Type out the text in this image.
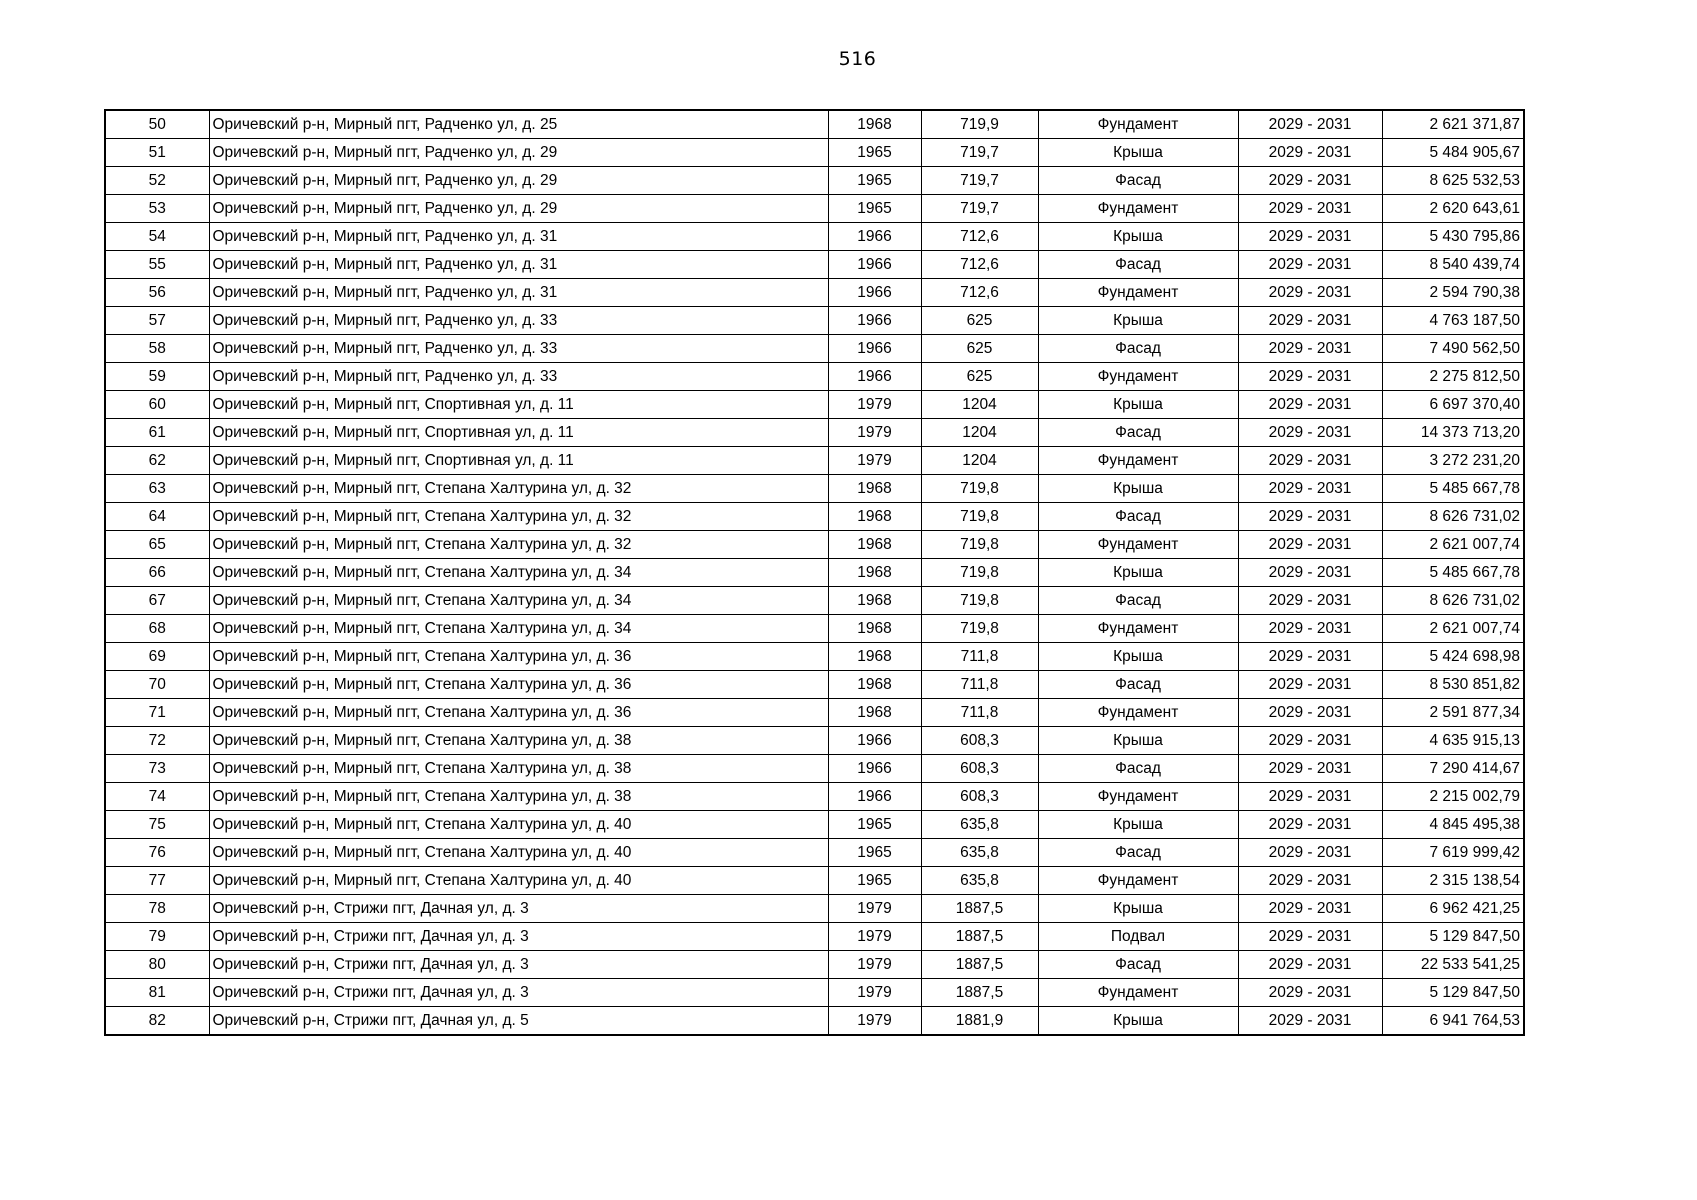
516
50	Оричевский р-н, Мирный пгт, Радченко ул, д. 25	1968	719,9	Фундамент	2029 - 2031	2 621 371,87
51	Оричевский р-н, Мирный пгт, Радченко ул, д. 29	1965	719,7	Крыша	2029 - 2031	5 484 905,67
52	Оричевский р-н, Мирный пгт, Радченко ул, д. 29	1965	719,7	Фасад	2029 - 2031	8 625 532,53
53	Оричевский р-н, Мирный пгт, Радченко ул, д. 29	1965	719,7	Фундамент	2029 - 2031	2 620 643,61
54	Оричевский р-н, Мирный пгт, Радченко ул, д. 31	1966	712,6	Крыша	2029 - 2031	5 430 795,86
55	Оричевский р-н, Мирный пгт, Радченко ул, д. 31	1966	712,6	Фасад	2029 - 2031	8 540 439,74
56	Оричевский р-н, Мирный пгт, Радченко ул, д. 31	1966	712,6	Фундамент	2029 - 2031	2 594 790,38
57	Оричевский р-н, Мирный пгт, Радченко ул, д. 33	1966	625	Крыша	2029 - 2031	4 763 187,50
58	Оричевский р-н, Мирный пгт, Радченко ул, д. 33	1966	625	Фасад	2029 - 2031	7 490 562,50
59	Оричевский р-н, Мирный пгт, Радченко ул, д. 33	1966	625	Фундамент	2029 - 2031	2 275 812,50
60	Оричевский р-н, Мирный пгт, Спортивная ул, д. 11	1979	1204	Крыша	2029 - 2031	6 697 370,40
61	Оричевский р-н, Мирный пгт, Спортивная ул, д. 11	1979	1204	Фасад	2029 - 2031	14 373 713,20
62	Оричевский р-н, Мирный пгт, Спортивная ул, д. 11	1979	1204	Фундамент	2029 - 2031	3 272 231,20
63	Оричевский р-н, Мирный пгт, Степана Халтурина ул, д. 32	1968	719,8	Крыша	2029 - 2031	5 485 667,78
64	Оричевский р-н, Мирный пгт, Степана Халтурина ул, д. 32	1968	719,8	Фасад	2029 - 2031	8 626 731,02
65	Оричевский р-н, Мирный пгт, Степана Халтурина ул, д. 32	1968	719,8	Фундамент	2029 - 2031	2 621 007,74
66	Оричевский р-н, Мирный пгт, Степана Халтурина ул, д. 34	1968	719,8	Крыша	2029 - 2031	5 485 667,78
67	Оричевский р-н, Мирный пгт, Степана Халтурина ул, д. 34	1968	719,8	Фасад	2029 - 2031	8 626 731,02
68	Оричевский р-н, Мирный пгт, Степана Халтурина ул, д. 34	1968	719,8	Фундамент	2029 - 2031	2 621 007,74
69	Оричевский р-н, Мирный пгт, Степана Халтурина ул, д. 36	1968	711,8	Крыша	2029 - 2031	5 424 698,98
70	Оричевский р-н, Мирный пгт, Степана Халтурина ул, д. 36	1968	711,8	Фасад	2029 - 2031	8 530 851,82
71	Оричевский р-н, Мирный пгт, Степана Халтурина ул, д. 36	1968	711,8	Фундамент	2029 - 2031	2 591 877,34
72	Оричевский р-н, Мирный пгт, Степана Халтурина ул, д. 38	1966	608,3	Крыша	2029 - 2031	4 635 915,13
73	Оричевский р-н, Мирный пгт, Степана Халтурина ул, д. 38	1966	608,3	Фасад	2029 - 2031	7 290 414,67
74	Оричевский р-н, Мирный пгт, Степана Халтурина ул, д. 38	1966	608,3	Фундамент	2029 - 2031	2 215 002,79
75	Оричевский р-н, Мирный пгт, Степана Халтурина ул, д. 40	1965	635,8	Крыша	2029 - 2031	4 845 495,38
76	Оричевский р-н, Мирный пгт, Степана Халтурина ул, д. 40	1965	635,8	Фасад	2029 - 2031	7 619 999,42
77	Оричевский р-н, Мирный пгт, Степана Халтурина ул, д. 40	1965	635,8	Фундамент	2029 - 2031	2 315 138,54
78	Оричевский р-н, Стрижи пгт, Дачная ул, д. 3	1979	1887,5	Крыша	2029 - 2031	6 962 421,25
79	Оричевский р-н, Стрижи пгт, Дачная ул, д. 3	1979	1887,5	Подвал	2029 - 2031	5 129 847,50
80	Оричевский р-н, Стрижи пгт, Дачная ул, д. 3	1979	1887,5	Фасад	2029 - 2031	22 533 541,25
81	Оричевский р-н, Стрижи пгт, Дачная ул, д. 3	1979	1887,5	Фундамент	2029 - 2031	5 129 847,50
82	Оричевский р-н, Стрижи пгт, Дачная ул, д. 5	1979	1881,9	Крыша	2029 - 2031	6 941 764,53
